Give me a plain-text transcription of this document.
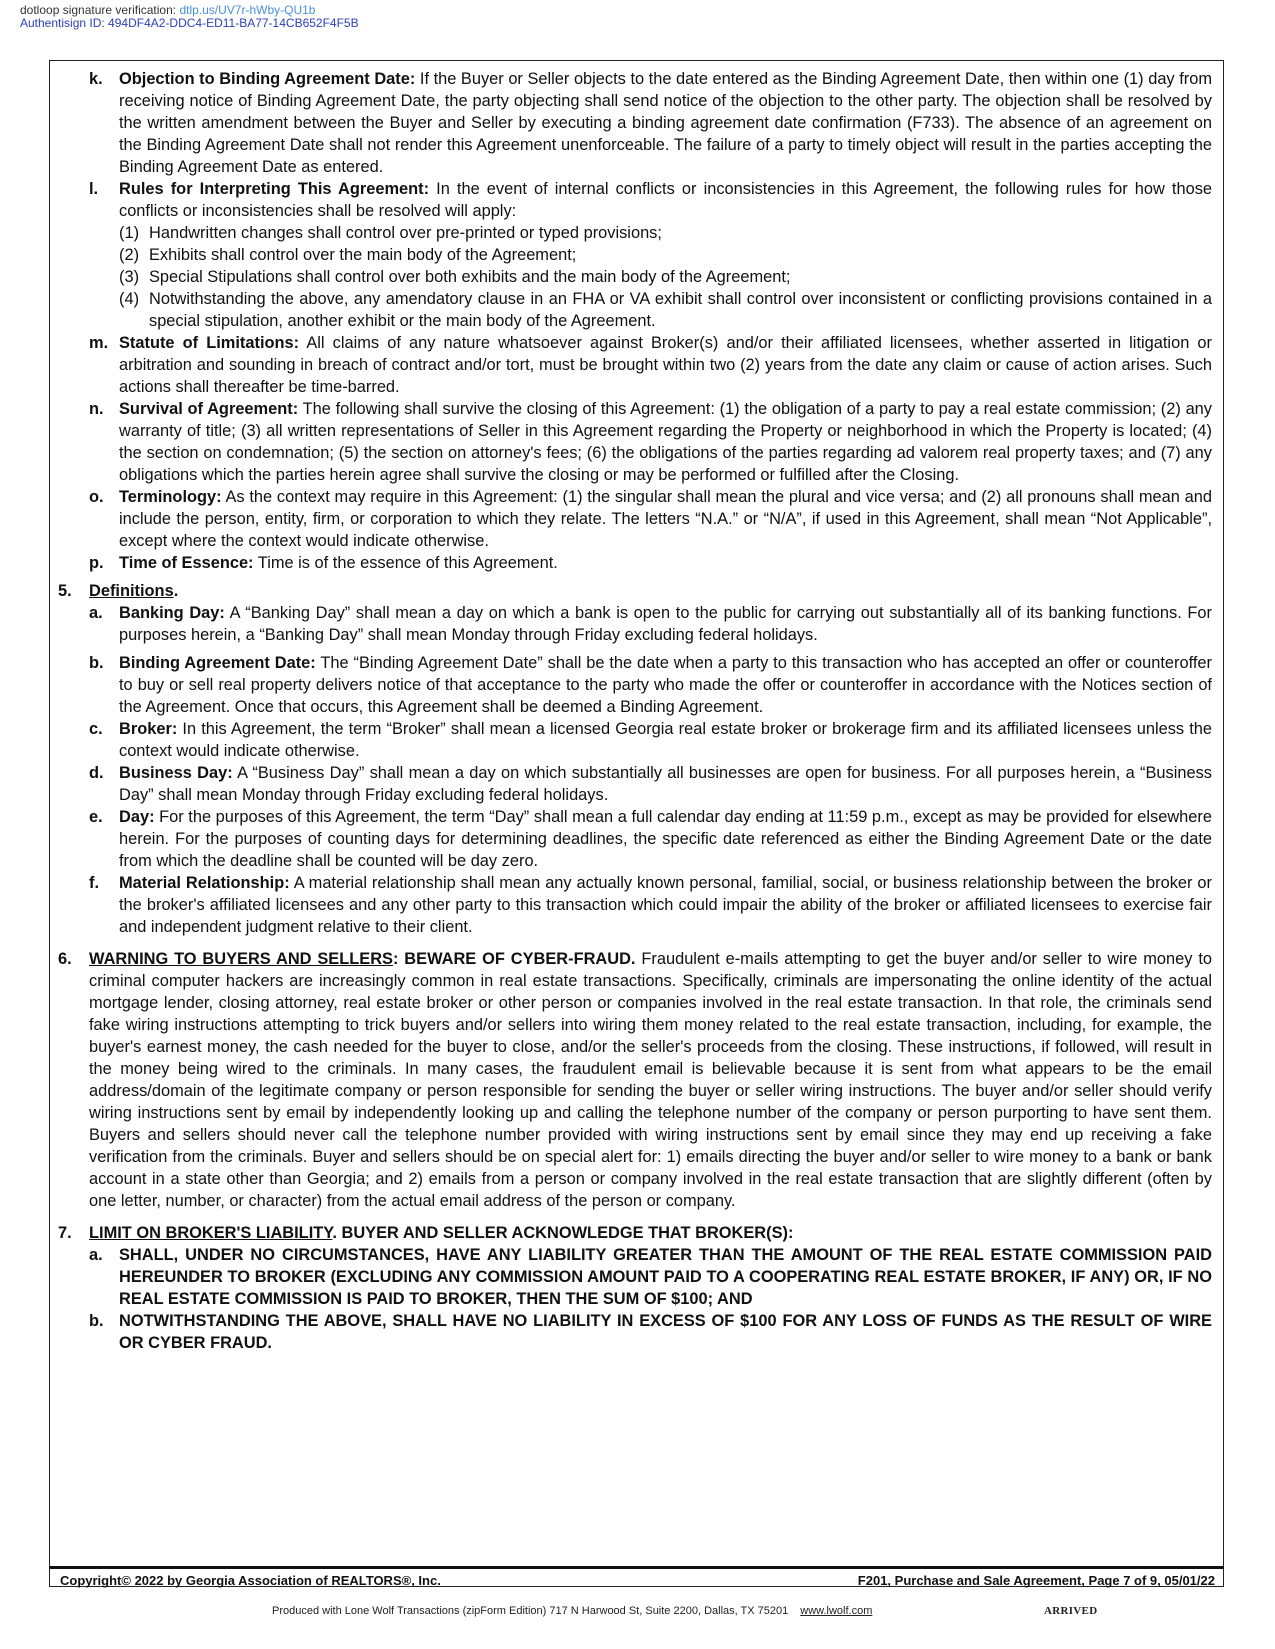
dotloop signature verification: dtlp.us/UV7r-hWby-QU1b
Authentisign ID: 494DF4A2-DDC4-ED11-BA77-14CB652F4F5B
k. Objection to Binding Agreement Date: If the Buyer or Seller objects to the date entered as the Binding Agreement Date, then within one (1) day from receiving notice of Binding Agreement Date, the party objecting shall send notice of the objection to the other party. The objection shall be resolved by the written amendment between the Buyer and Seller by executing a binding agreement date confirmation (F733). The absence of an agreement on the Binding Agreement Date shall not render this Agreement unenforceable. The failure of a party to timely object will result in the parties accepting the Binding Agreement Date as entered.
l. Rules for Interpreting This Agreement: In the event of internal conflicts or inconsistencies in this Agreement, the following rules for how those conflicts or inconsistencies shall be resolved will apply:
(1) Handwritten changes shall control over pre-printed or typed provisions;
(2) Exhibits shall control over the main body of the Agreement;
(3) Special Stipulations shall control over both exhibits and the main body of the Agreement;
(4) Notwithstanding the above, any amendatory clause in an FHA or VA exhibit shall control over inconsistent or conflicting provisions contained in a special stipulation, another exhibit or the main body of the Agreement.
m. Statute of Limitations: All claims of any nature whatsoever against Broker(s) and/or their affiliated licensees, whether asserted in litigation or arbitration and sounding in breach of contract and/or tort, must be brought within two (2) years from the date any claim or cause of action arises. Such actions shall thereafter be time-barred.
n. Survival of Agreement: The following shall survive the closing of this Agreement: (1) the obligation of a party to pay a real estate commission; (2) any warranty of title; (3) all written representations of Seller in this Agreement regarding the Property or neighborhood in which the Property is located; (4) the section on condemnation; (5) the section on attorney's fees; (6) the obligations of the parties regarding ad valorem real property taxes; and (7) any obligations which the parties herein agree shall survive the closing or may be performed or fulfilled after the Closing.
o. Terminology: As the context may require in this Agreement: (1) the singular shall mean the plural and vice versa; and (2) all pronouns shall mean and include the person, entity, firm, or corporation to which they relate. The letters “N.A.” or “N/A”, if used in this Agreement, shall mean “Not Applicable”, except where the context would indicate otherwise.
p. Time of Essence: Time is of the essence of this Agreement.
5. Definitions.
a. Banking Day: A “Banking Day” shall mean a day on which a bank is open to the public for carrying out substantially all of its banking functions. For purposes herein, a “Banking Day” shall mean Monday through Friday excluding federal holidays.
b. Binding Agreement Date: The “Binding Agreement Date” shall be the date when a party to this transaction who has accepted an offer or counteroffer to buy or sell real property delivers notice of that acceptance to the party who made the offer or counteroffer in accordance with the Notices section of the Agreement. Once that occurs, this Agreement shall be deemed a Binding Agreement.
c. Broker: In this Agreement, the term “Broker” shall mean a licensed Georgia real estate broker or brokerage firm and its affiliated licensees unless the context would indicate otherwise.
d. Business Day: A “Business Day” shall mean a day on which substantially all businesses are open for business. For all purposes herein, a “Business Day” shall mean Monday through Friday excluding federal holidays.
e. Day: For the purposes of this Agreement, the term “Day” shall mean a full calendar day ending at 11:59 p.m., except as may be provided for elsewhere herein. For the purposes of counting days for determining deadlines, the specific date referenced as either the Binding Agreement Date or the date from which the deadline shall be counted will be day zero.
f. Material Relationship: A material relationship shall mean any actually known personal, familial, social, or business relationship between the broker or the broker's affiliated licensees and any other party to this transaction which could impair the ability of the broker or affiliated licensees to exercise fair and independent judgment relative to their client.
6. WARNING TO BUYERS AND SELLERS: BEWARE OF CYBER-FRAUD. Fraudulent e-mails attempting to get the buyer and/or seller to wire money to criminal computer hackers are increasingly common in real estate transactions. Specifically, criminals are impersonating the online identity of the actual mortgage lender, closing attorney, real estate broker or other person or companies involved in the real estate transaction. In that role, the criminals send fake wiring instructions attempting to trick buyers and/or sellers into wiring them money related to the real estate transaction, including, for example, the buyer's earnest money, the cash needed for the buyer to close, and/or the seller's proceeds from the closing. These instructions, if followed, will result in the money being wired to the criminals. In many cases, the fraudulent email is believable because it is sent from what appears to be the email address/domain of the legitimate company or person responsible for sending the buyer or seller wiring instructions. The buyer and/or seller should verify wiring instructions sent by email by independently looking up and calling the telephone number of the company or person purporting to have sent them. Buyers and sellers should never call the telephone number provided with wiring instructions sent by email since they may end up receiving a fake verification from the criminals. Buyer and sellers should be on special alert for: 1) emails directing the buyer and/or seller to wire money to a bank or bank account in a state other than Georgia; and 2) emails from a person or company involved in the real estate transaction that are slightly different (often by one letter, number, or character) from the actual email address of the person or company.
7. LIMIT ON BROKER'S LIABILITY. BUYER AND SELLER ACKNOWLEDGE THAT BROKER(S):
a. SHALL, UNDER NO CIRCUMSTANCES, HAVE ANY LIABILITY GREATER THAN THE AMOUNT OF THE REAL ESTATE COMMISSION PAID HEREUNDER TO BROKER (EXCLUDING ANY COMMISSION AMOUNT PAID TO A COOPERATING REAL ESTATE BROKER, IF ANY) OR, IF NO REAL ESTATE COMMISSION IS PAID TO BROKER, THEN THE SUM OF $100; AND
b. NOTWITHSTANDING THE ABOVE, SHALL HAVE NO LIABILITY IN EXCESS OF $100 FOR ANY LOSS OF FUNDS AS THE RESULT OF WIRE OR CYBER FRAUD.
Copyright© 2022 by Georgia Association of REALTORS®, Inc.	F201, Purchase and Sale Agreement, Page 7 of 9, 05/01/22
Produced with Lone Wolf Transactions (zipForm Edition) 717 N Harwood St, Suite 2200, Dallas, TX 75201 www.lwolf.com	ARRIVED
